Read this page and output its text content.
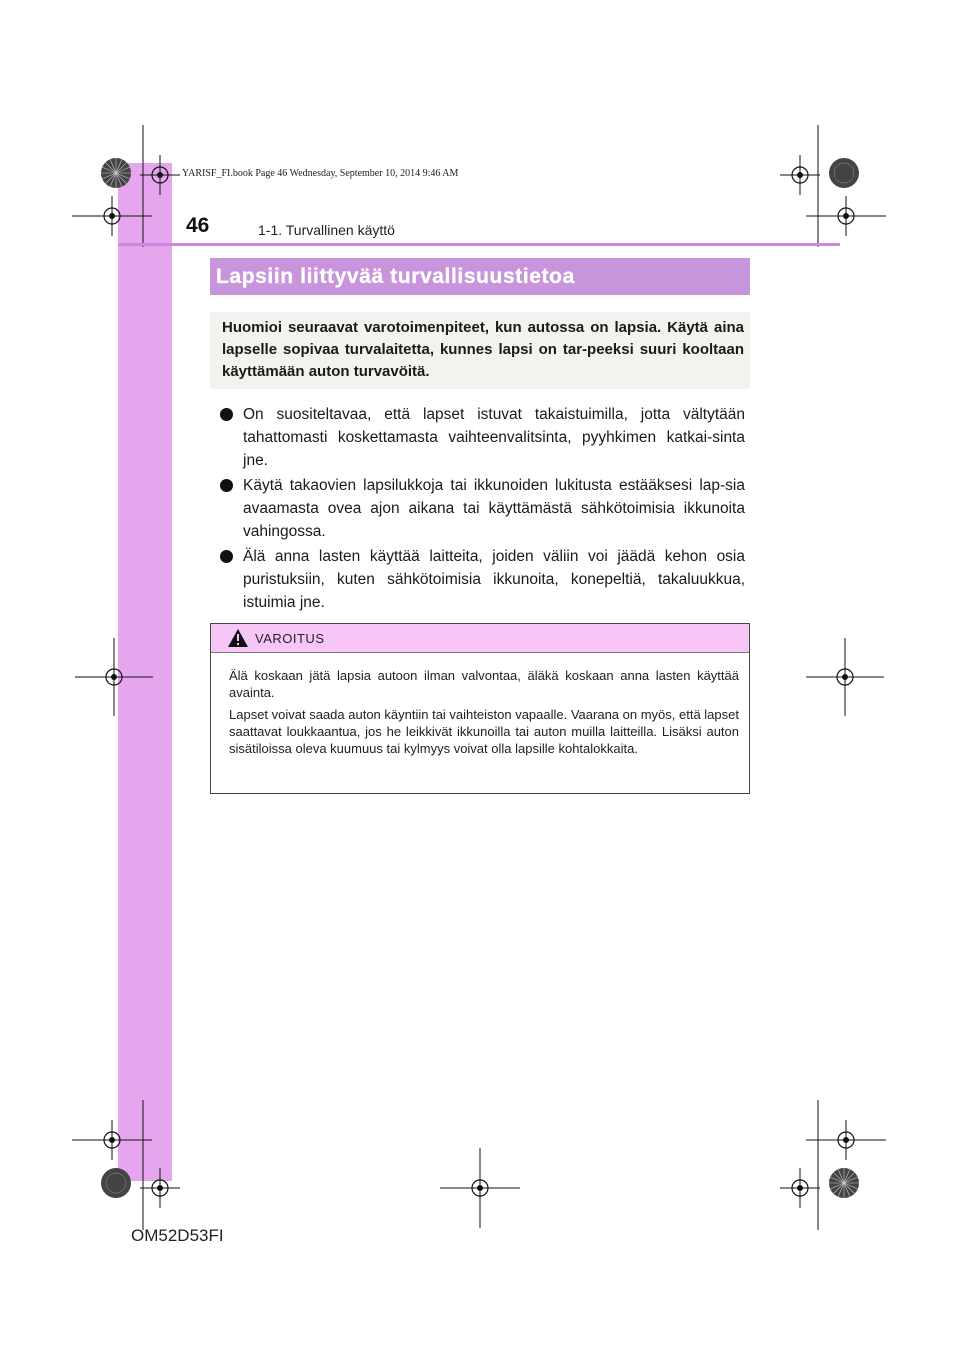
YARISF_FI.book Page 46 Wednesday, September 10, 2014 9:46 AM
46	1-1. Turvallinen käyttö
Lapsiin liittyvää turvallisuustietoa

Huomioi seuraavat varotoimenpiteet, kun autossa on lapsia. Käytä aina lapselle sopivaa turvalaitetta, kunnes lapsi on tar-peeksi suuri kooltaan käyttämään auton turvavöitä.

On suositeltavaa, että lapset istuvat takaistuimilla, jotta vältytään tahattomasti koskettamasta vaihteenvalitsinta, pyyhkimen katkai-sinta jne.
Käytä takaovien lapsilukkoja tai ikkunoiden lukitusta estääksesi lap-sia avaamasta ovea ajon aikana tai käyttämästä sähkötoimisia ikkunoita vahingossa.
Älä anna lasten käyttää laitteita, joiden väliin voi jäädä kehon osia puristuksiin, kuten sähkötoimisia ikkunoita, konepeltiä, takaluukkua, istuimia jne.
VAROITUS

Älä koskaan jätä lapsia autoon ilman valvontaa, äläkä koskaan anna lasten käyttää avainta.

Lapset voivat saada auton käyntiin tai vaihteiston vapaalle. Vaarana on myös, että lapset saattavat loukkaantua, jos he leikkivät ikkunoilla tai auton muilla laitteilla. Lisäksi auton sisätiloissa oleva kuumuus tai kylmyys voivat olla lapsille kohtalokkaita.

OM52D53FI
